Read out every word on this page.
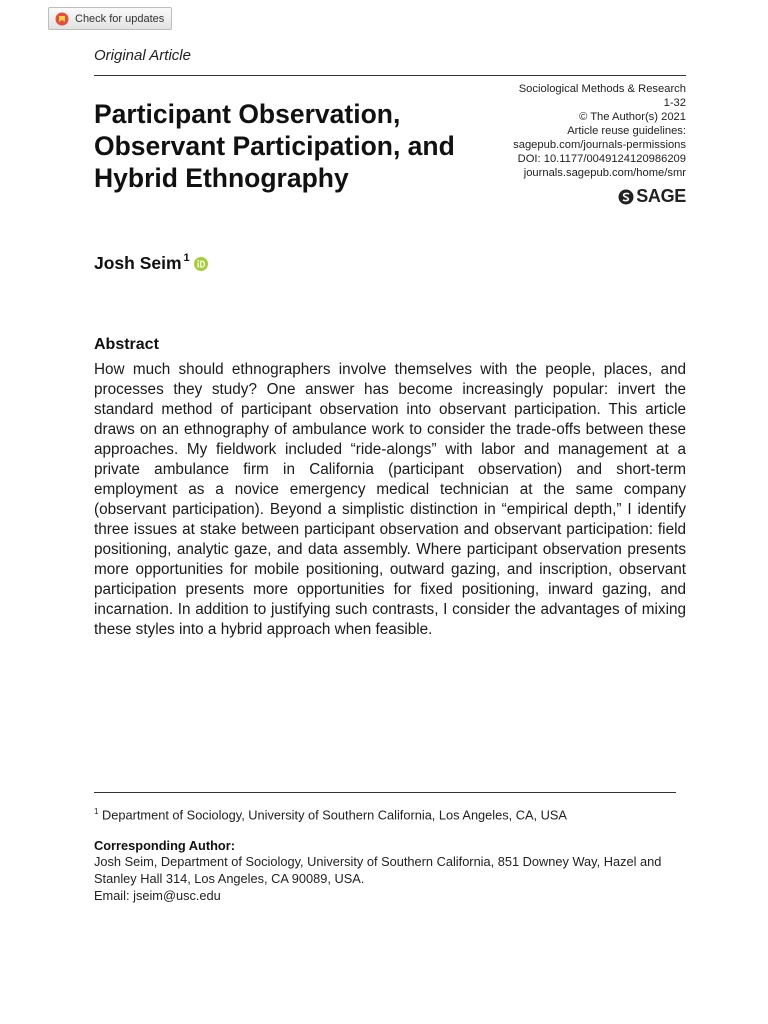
Check for updates
Original Article
Participant Observation, Observant Participation, and Hybrid Ethnography
Sociological Methods & Research
1-32
© The Author(s) 2021
Article reuse guidelines:
sagepub.com/journals-permissions
DOI: 10.1177/0049124120986209
journals.sagepub.com/home/smr
SAGE
Josh Seim$^1$
Abstract

How much should ethnographers involve themselves with the people, places, and processes they study? One answer has become increasingly popular: invert the standard method of participant observation into observant participation. This article draws on an ethnography of ambulance work to consider the trade-offs between these approaches. My fieldwork included “ride-alongs” with labor and management at a private ambulance firm in California (participant observation) and short-term employment as a novice emergency medical technician at the same company (observant participation). Beyond a simplistic distinction in “empirical depth,” I identify three issues at stake between participant observation and observant participation: field positioning, analytic gaze, and data assembly. Where participant observation presents more opportunities for mobile positioning, outward gazing, and inscription, observant participation presents more opportunities for fixed positioning, inward gazing, and incarnation. In addition to justifying such contrasts, I consider the advantages of mixing these styles into a hybrid approach when feasible.

$^1$ Department of Sociology, University of Southern California, Los Angeles, CA, USA
Corresponding Author:
Josh Seim, Department of Sociology, University of Southern California, 851 Downey Way, Hazel and Stanley Hall 314, Los Angeles, CA 90089, USA.
Email: jseim@usc.edu
